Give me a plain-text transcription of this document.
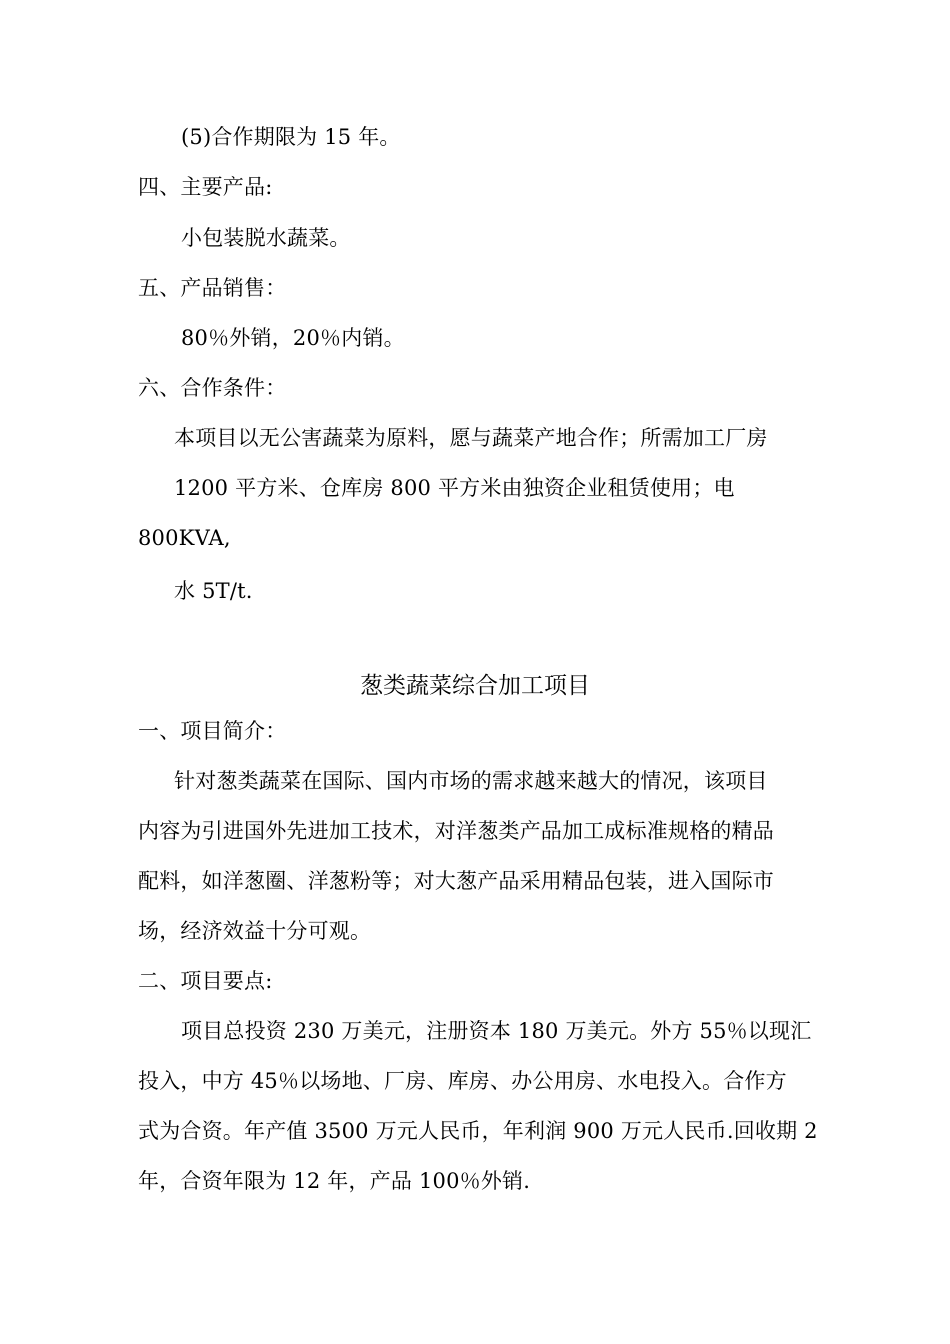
(5)合作期限为 15 年。
四、主要产品:
小包装脱水蔬菜。
五、产品销售：
80％外销，20％内销。
六、合作条件：
本项目以无公害蔬菜为原料，愿与蔬菜产地合作；所需加工厂房
1200 平方米、仓库房 800 平方米由独资企业租赁使用；电
800KVA,
水 5T/t.
葱类蔬菜综合加工项目
一、项目简介：
针对葱类蔬菜在国际、国内市场的需求越来越大的情况，该项目
内容为引进国外先进加工技术，对洋葱类产品加工成标准规格的精品
配料，如洋葱圈、洋葱粉等；对大葱产品采用精品包装，进入国际市
场，经济效益十分可观。
二、项目要点:
项目总投资 230 万美元，注册资本 180 万美元。外方 55％以现汇
投入，中方 45％以场地、厂房、库房、办公用房、水电投入。合作方
式为合资。年产值 3500 万元人民币，年利润 900 万元人民币.回收期 2
年，合资年限为 12 年，产品 100％外销.
